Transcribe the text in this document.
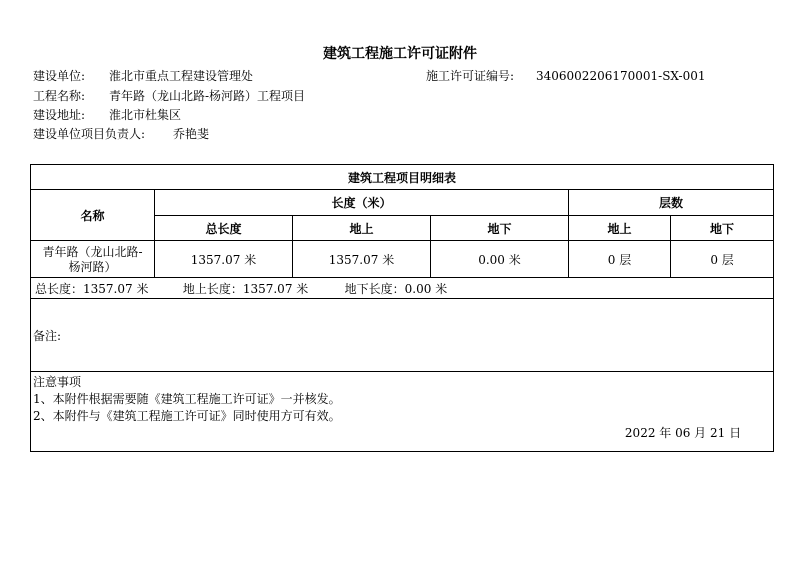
建筑工程施工许可证附件
建设单位: 淮北市重点工程建设管理处	施工许可证编号: 3406002206170001-SX-001
工程名称: 青年路（龙山北路-杨河路）工程项目
建设地址: 淮北市杜集区
建设单位项目负责人: 乔艳斐
建筑工程项目明细表					
名称	长度（米）			层数	
	总长度	地上	地下	地上	地下

青年路（龙山北路-
杨河路）	1357.07 米	1357.07 米	0.00 米	0 层	0 层
总长度：1357.07 米 地上长度：1357.07 米 地下长度：0.00 米					
备注:					

注意事项
1、本附件根据需要随《建筑工程施工许可证》一并核发。
2、本附件与《建筑工程施工许可证》同时使用方可有效。
2022 年 06 月 21 日					
